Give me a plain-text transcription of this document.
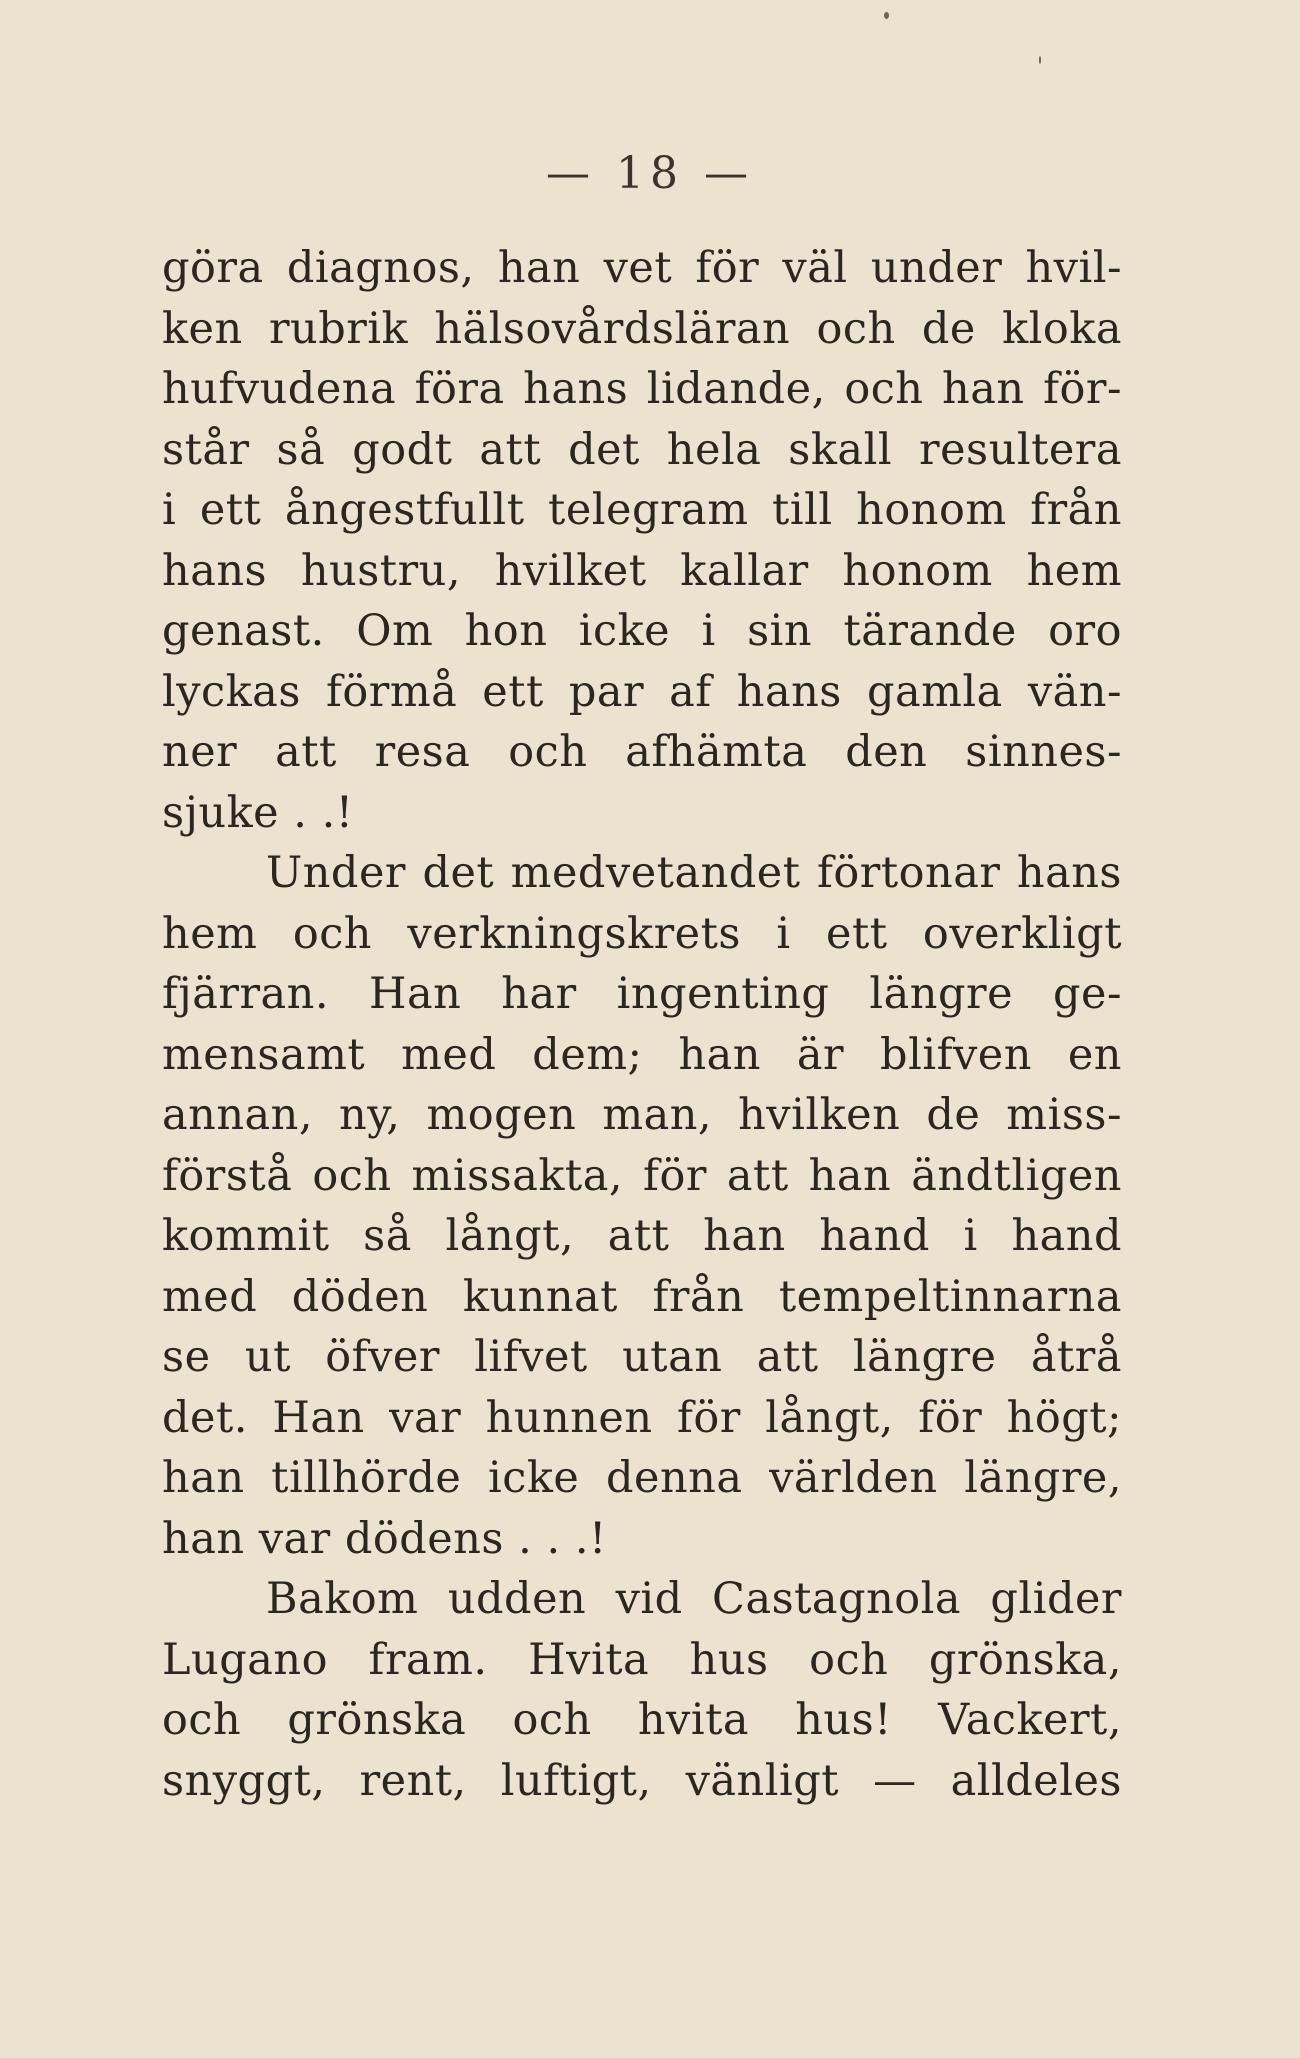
— 18 —
göra diagnos, han vet för väl under hvil-
ken rubrik hälsovårdsläran och de kloka
hufvudena föra hans lidande, och han för-
står så godt att det hela skall resultera
i ett ångestfullt telegram till honom från
hans hustru, hvilket kallar honom hem
genast. Om hon icke i sin tärande oro
lyckas förmå ett par af hans gamla vän-
ner att resa och afhämta den sinnes-
sjuke . .!
Under det medvetandet förtonar hans
hem och verkningskrets i ett overkligt
fjärran. Han har ingenting längre ge-
mensamt med dem; han är blifven en
annan, ny, mogen man, hvilken de miss-
förstå och missakta, för att han ändtligen
kommit så långt, att han hand i hand
med döden kunnat från tempeltinnarna
se ut öfver lifvet utan att längre åtrå
det. Han var hunnen för långt, för högt;
han tillhörde icke denna världen längre,
han var dödens . . .!
Bakom udden vid Castagnola glider
Lugano fram. Hvita hus och grönska,
och grönska och hvita hus! Vackert,
snyggt, rent, luftigt, vänligt — alldeles
